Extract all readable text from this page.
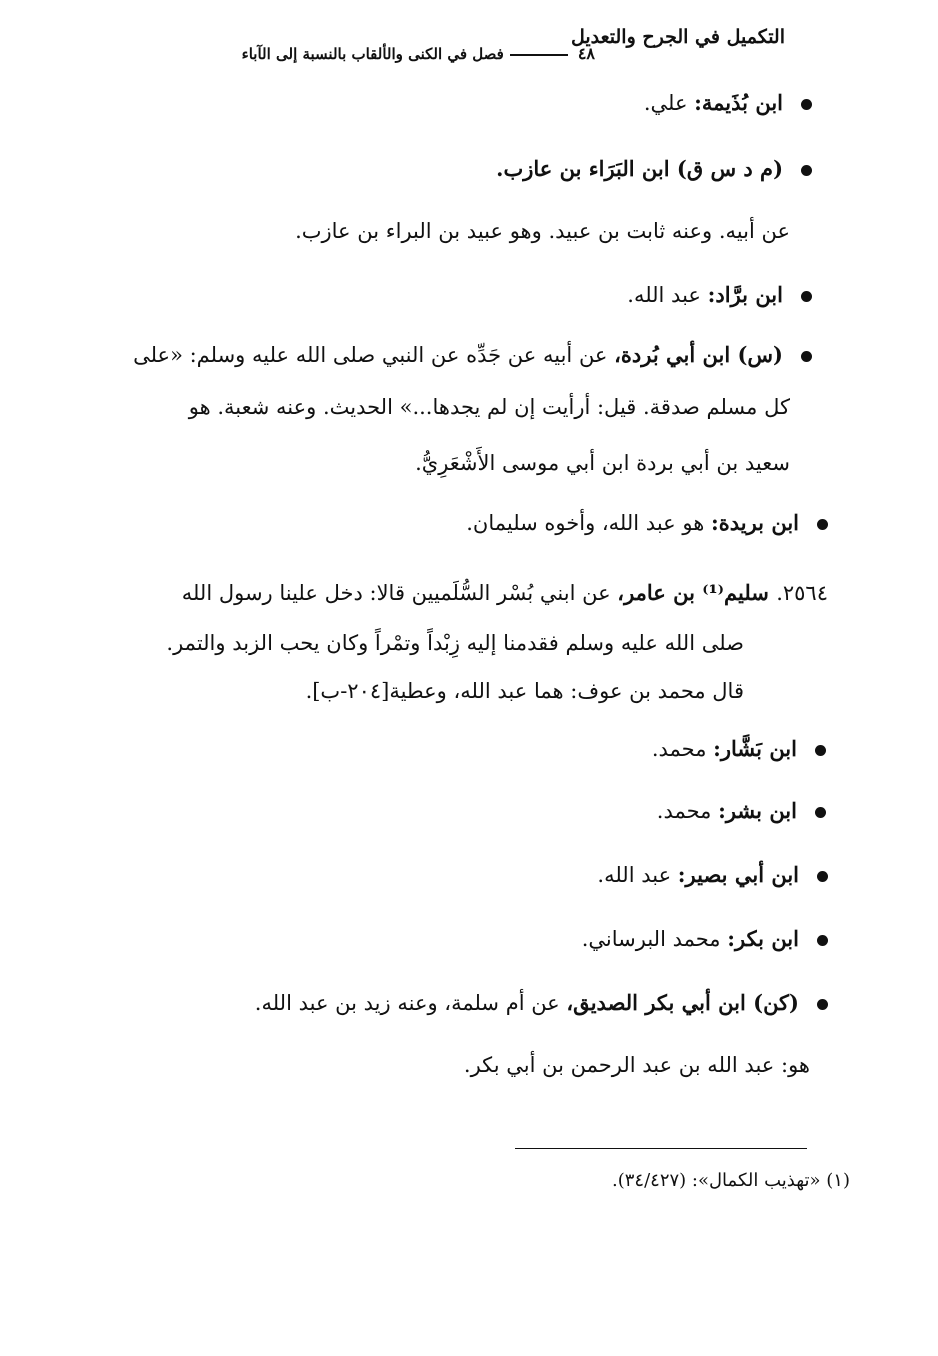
التكميل في الجرح والتعديل
٤٨فصل في الكنى والألقاب بالنسبة إلى الآباء
ابن بُذَيمة: علي.
(م د س ق) ابن البَرَاء بن عازب.
عن أبيه. وعنه ثابت بن عبيد. وهو عبيد بن البراء بن عازب.
ابن برَّاد: عبد الله.
(س) ابن أبي بُردة، عن أبيه عن جَدِّه عن النبي صلى الله عليه وسلم: «على
كل مسلم صدقة. قيل: أرأيت إن لم يجدها...» الحديث. وعنه شعبة. هو
سعيد بن أبي بردة ابن أبي موسى الأَشْعَرِيُّ.
ابن بريدة: هو عبد الله، وأخوه سليمان.
٢٥٦٤. سليم⁽¹⁾ بن عامر، عن ابني بُسْر السُّلَميين قالا: دخل علينا رسول الله
صلى الله عليه وسلم فقدمنا إليه زِبْداً وتمْراً وكان يحب الزبد والتمر.
قال محمد بن عوف: هما عبد الله، وعطية[٢٠٤-ب].
ابن بَشَّار: محمد.
ابن بشر: محمد.
ابن أبي بصير: عبد الله.
ابن بكر: محمد البرساني.
(كن) ابن أبي بكر الصديق، عن أم سلمة، وعنه زيد بن عبد الله.
هو: عبد الله بن عبد الرحمن بن أبي بكر.
(١) «تهذيب الكمال»: (٣٤/٤٢٧).
